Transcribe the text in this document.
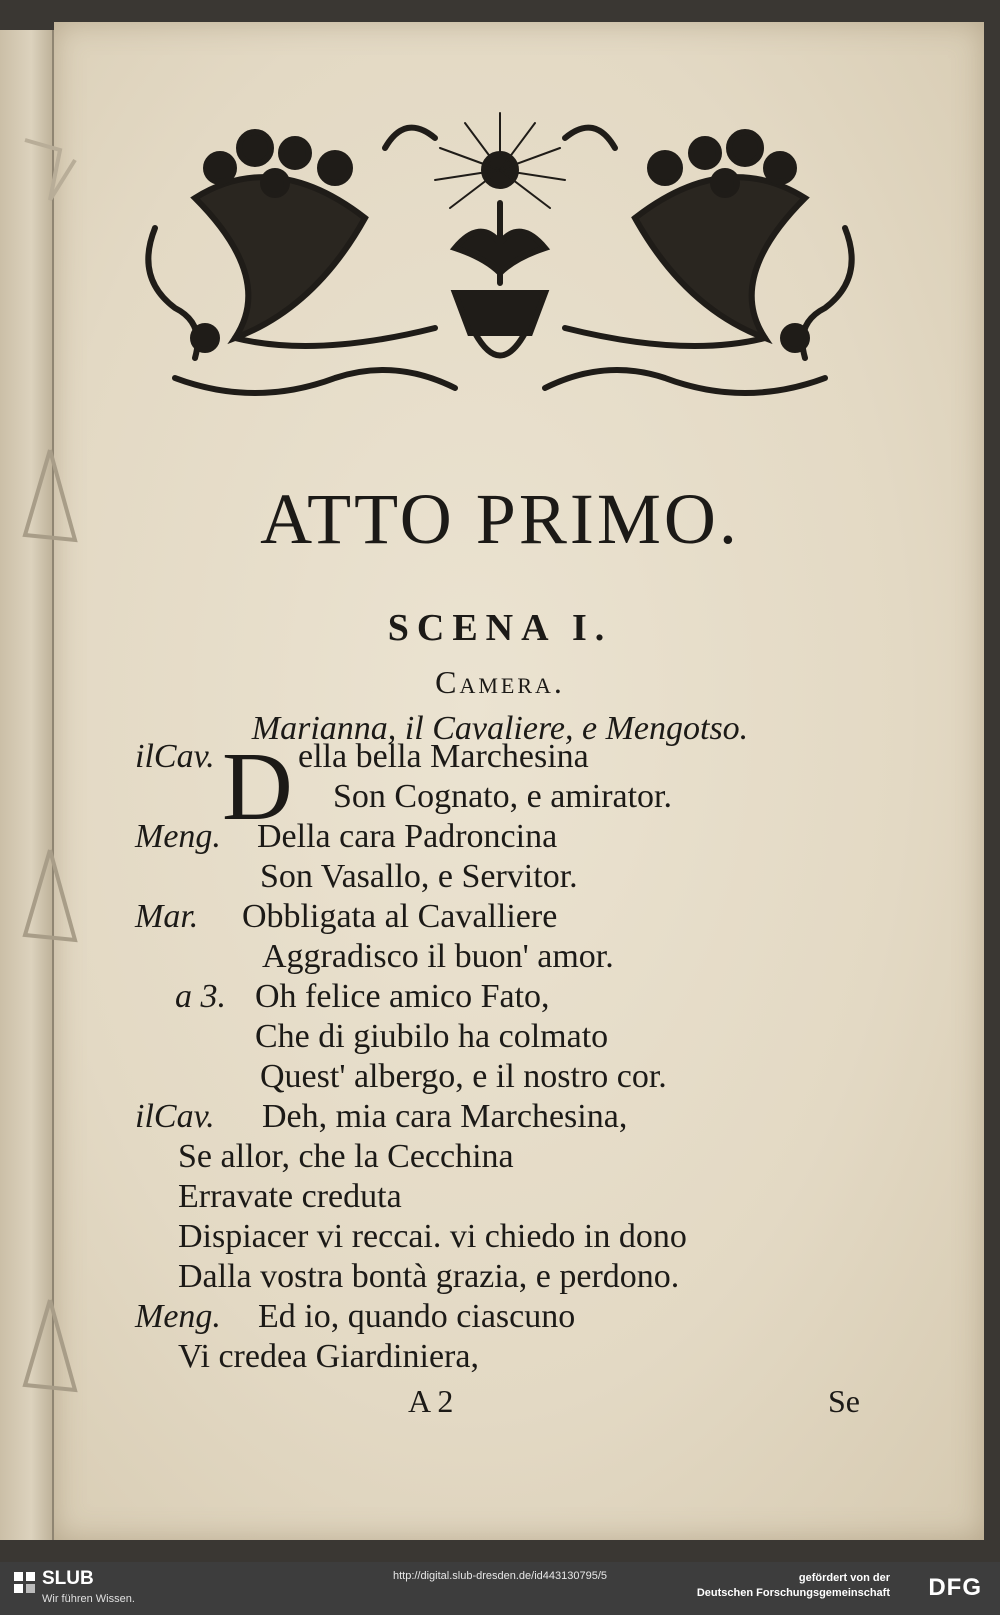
ATTO PRIMO.
SCENA I.
Camera.
Marianna, il Cavaliere, e Mengotso.
D
ilCav. ella bella Marchesina
Son Cognato, e amirator.
Meng. Della cara Padroncina
Son Vasallo, e Servitor.
Mar. Obbligata al Cavalliere
Aggradisco il buon' amor.
a 3. Oh felice amico Fato,
Che di giubilo ha colmato
Quest' albergo, e il nostro cor.
ilCav. Deh, mia cara Marchesina,
Se allor, che la Cecchina
Erravate creduta
Dispiacer vi reccai. vi chiedo in dono
Dalla vostra bontà grazia, e perdono.
Meng. Ed io, quando ciascuno
Vi credea Giardiniera,
A 2	Se
SLUB
Wir führen Wissen.
http://digital.slub-dresden.de/id443130795/5	gefördert von der
Deutschen Forschungsgemeinschaft DFG
